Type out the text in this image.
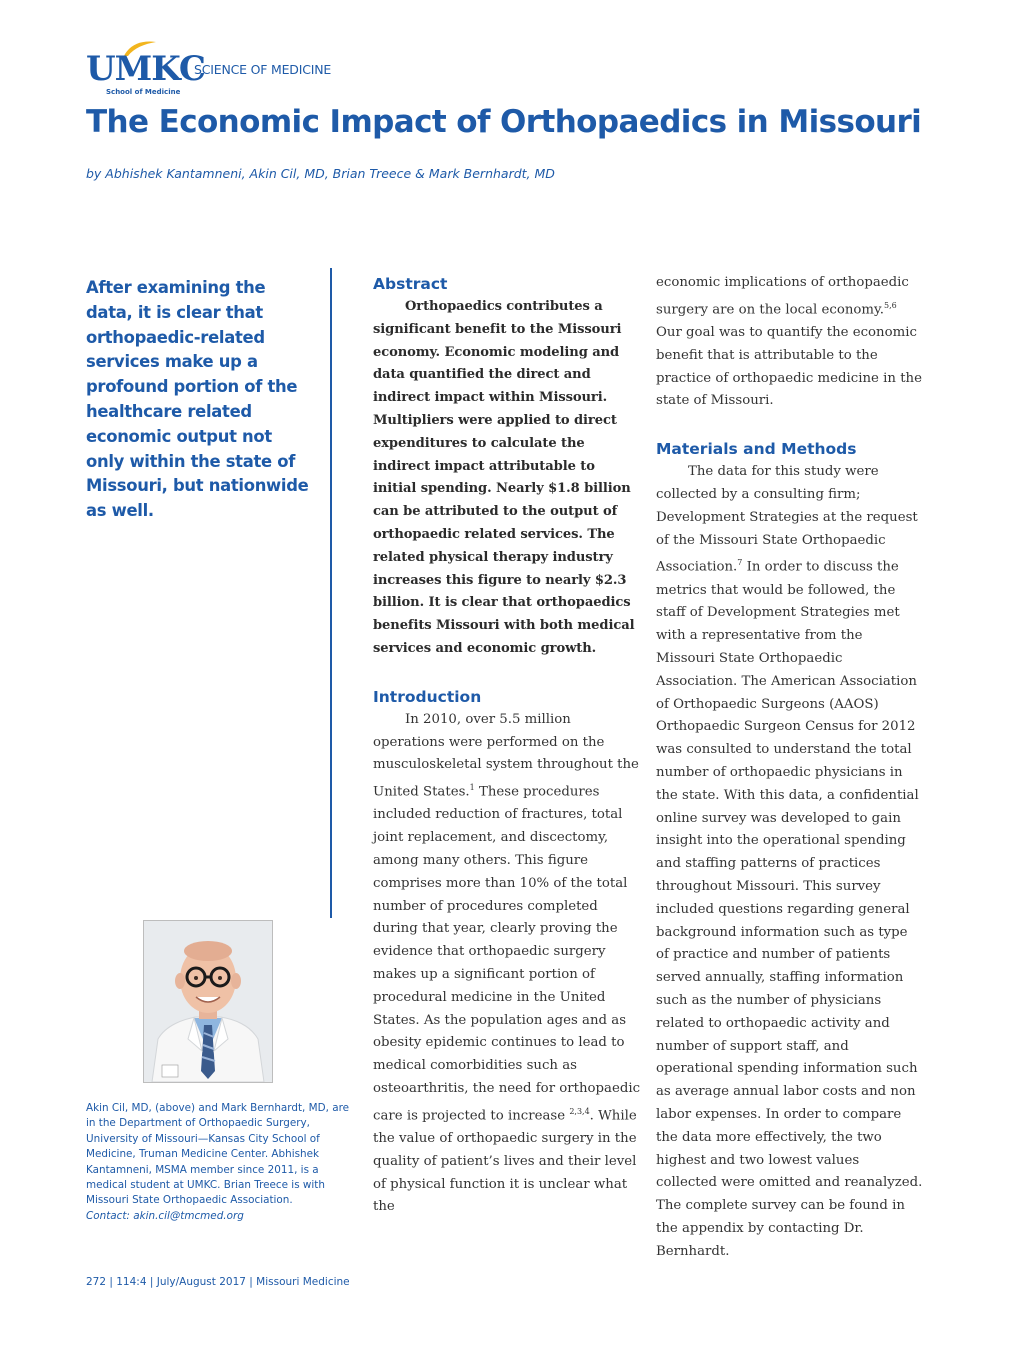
UMKC
School of Medicine
SCIENCE OF MEDICINE
The Economic Impact of Orthopaedics in Missouri
by Abhishek Kantamneni, Akin Cil, MD, Brian Treece & Mark Bernhardt, MD
After examining the data, it is clear that orthopaedic-related services make up a profound portion of the healthcare related economic output not only within the state of Missouri, but nationwide as well.
Akin Cil, MD, (above) and Mark Bernhardt, MD, are in the Department of Orthopaedic Surgery, University of Missouri—Kansas City School of Medicine, Truman Medicine Center. Abhishek Kantamneni, MSMA member since 2011, is a medical student at UMKC. Brian Treece is with Missouri State Orthopaedic Association.
Contact: akin.cil@tmcmed.org
Abstract

Orthopaedics contributes a significant benefit to the Missouri economy. Economic modeling and data quantified the direct and indirect impact within Missouri. Multipliers were applied to direct expenditures to calculate the indirect impact attributable to initial spending. Nearly $1.8 billion can be attributed to the output of orthopaedic related services. The related physical therapy industry increases this figure to nearly $2.3 billion. It is clear that orthopaedics benefits Missouri with both medical services and economic growth.

Introduction

In 2010, over 5.5 million operations were performed on the musculoskeletal system throughout the United States.$^1$ These procedures included reduction of fractures, total joint replacement, and discectomy, among many others. This figure comprises more than 10% of the total number of procedures completed during that year, clearly proving the evidence that orthopaedic surgery makes up a significant portion of procedural medicine in the United States. As the population ages and as obesity epidemic continues to lead to medical comorbidities such as osteoarthritis, the need for orthopaedic care is projected to increase $^{2,3,4}$. While the value of orthopaedic surgery in the quality of patient’s lives and their level of physical function it is unclear what the

economic implications of orthopaedic surgery are on the local economy.$^{5,6}$ Our goal was to quantify the economic benefit that is attributable to the practice of orthopaedic medicine in the state of Missouri.

Materials and Methods

The data for this study were collected by a consulting firm; Development Strategies at the request of the Missouri State Orthopaedic Association.$^7$ In order to discuss the metrics that would be followed, the staff of Development Strategies met with a representative from the Missouri State Orthopaedic Association. The American Association of Orthopaedic Surgeons (AAOS) Orthopaedic Surgeon Census for 2012 was consulted to understand the total number of orthopaedic physicians in the state. With this data, a confidential online survey was developed to gain insight into the operational spending and staffing patterns of practices throughout Missouri. This survey included questions regarding general background information such as type of practice and number of patients served annually, staffing information such as the number of physicians related to orthopaedic activity and number of support staff, and operational spending information such as average annual labor costs and non labor expenses. In order to compare the data more effectively, the two highest and two lowest values collected were omitted and reanalyzed. The complete survey can be found in the appendix by contacting Dr. Bernhardt.

272 | 114:4 | July/August 2017 | Missouri Medicine
